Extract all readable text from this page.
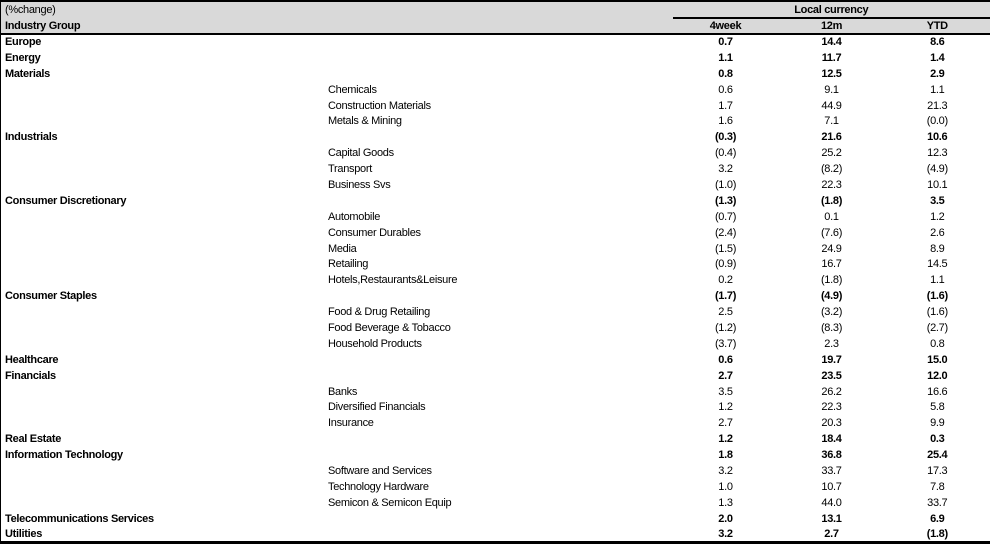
(%change)	Local currency		
Industry Group	4week	12m	YTD
Europe	0.7	14.4	8.6
Energy	1.1	11.7	1.4
Materials	0.8	12.5	2.9
Chemicals	0.6	9.1	1.1
Construction Materials	1.7	44.9	21.3
Metals & Mining	1.6	7.1	(0.0)
Industrials	(0.3)	21.6	10.6
Capital Goods	(0.4)	25.2	12.3
Transport	3.2	(8.2)	(4.9)
Business Svs	(1.0)	22.3	10.1
Consumer Discretionary	(1.3)	(1.8)	3.5
Automobile	(0.7)	0.1	1.2
Consumer Durables	(2.4)	(7.6)	2.6
Media	(1.5)	24.9	8.9
Retailing	(0.9)	16.7	14.5
Hotels,Restaurants&Leisure	0.2	(1.8)	1.1
Consumer Staples	(1.7)	(4.9)	(1.6)
Food & Drug Retailing	2.5	(3.2)	(1.6)
Food Beverage & Tobacco	(1.2)	(8.3)	(2.7)
Household Products	(3.7)	2.3	0.8
Healthcare	0.6	19.7	15.0
Financials	2.7	23.5	12.0
Banks	3.5	26.2	16.6
Diversified Financials	1.2	22.3	5.8
Insurance	2.7	20.3	9.9
Real Estate	1.2	18.4	0.3
Information Technology	1.8	36.8	25.4
Software and Services	3.2	33.7	17.3
Technology Hardware	1.0	10.7	7.8
Semicon & Semicon Equip	1.3	44.0	33.7
Telecommunications Services	2.0	13.1	6.9
Utilities	3.2	2.7	(1.8)
